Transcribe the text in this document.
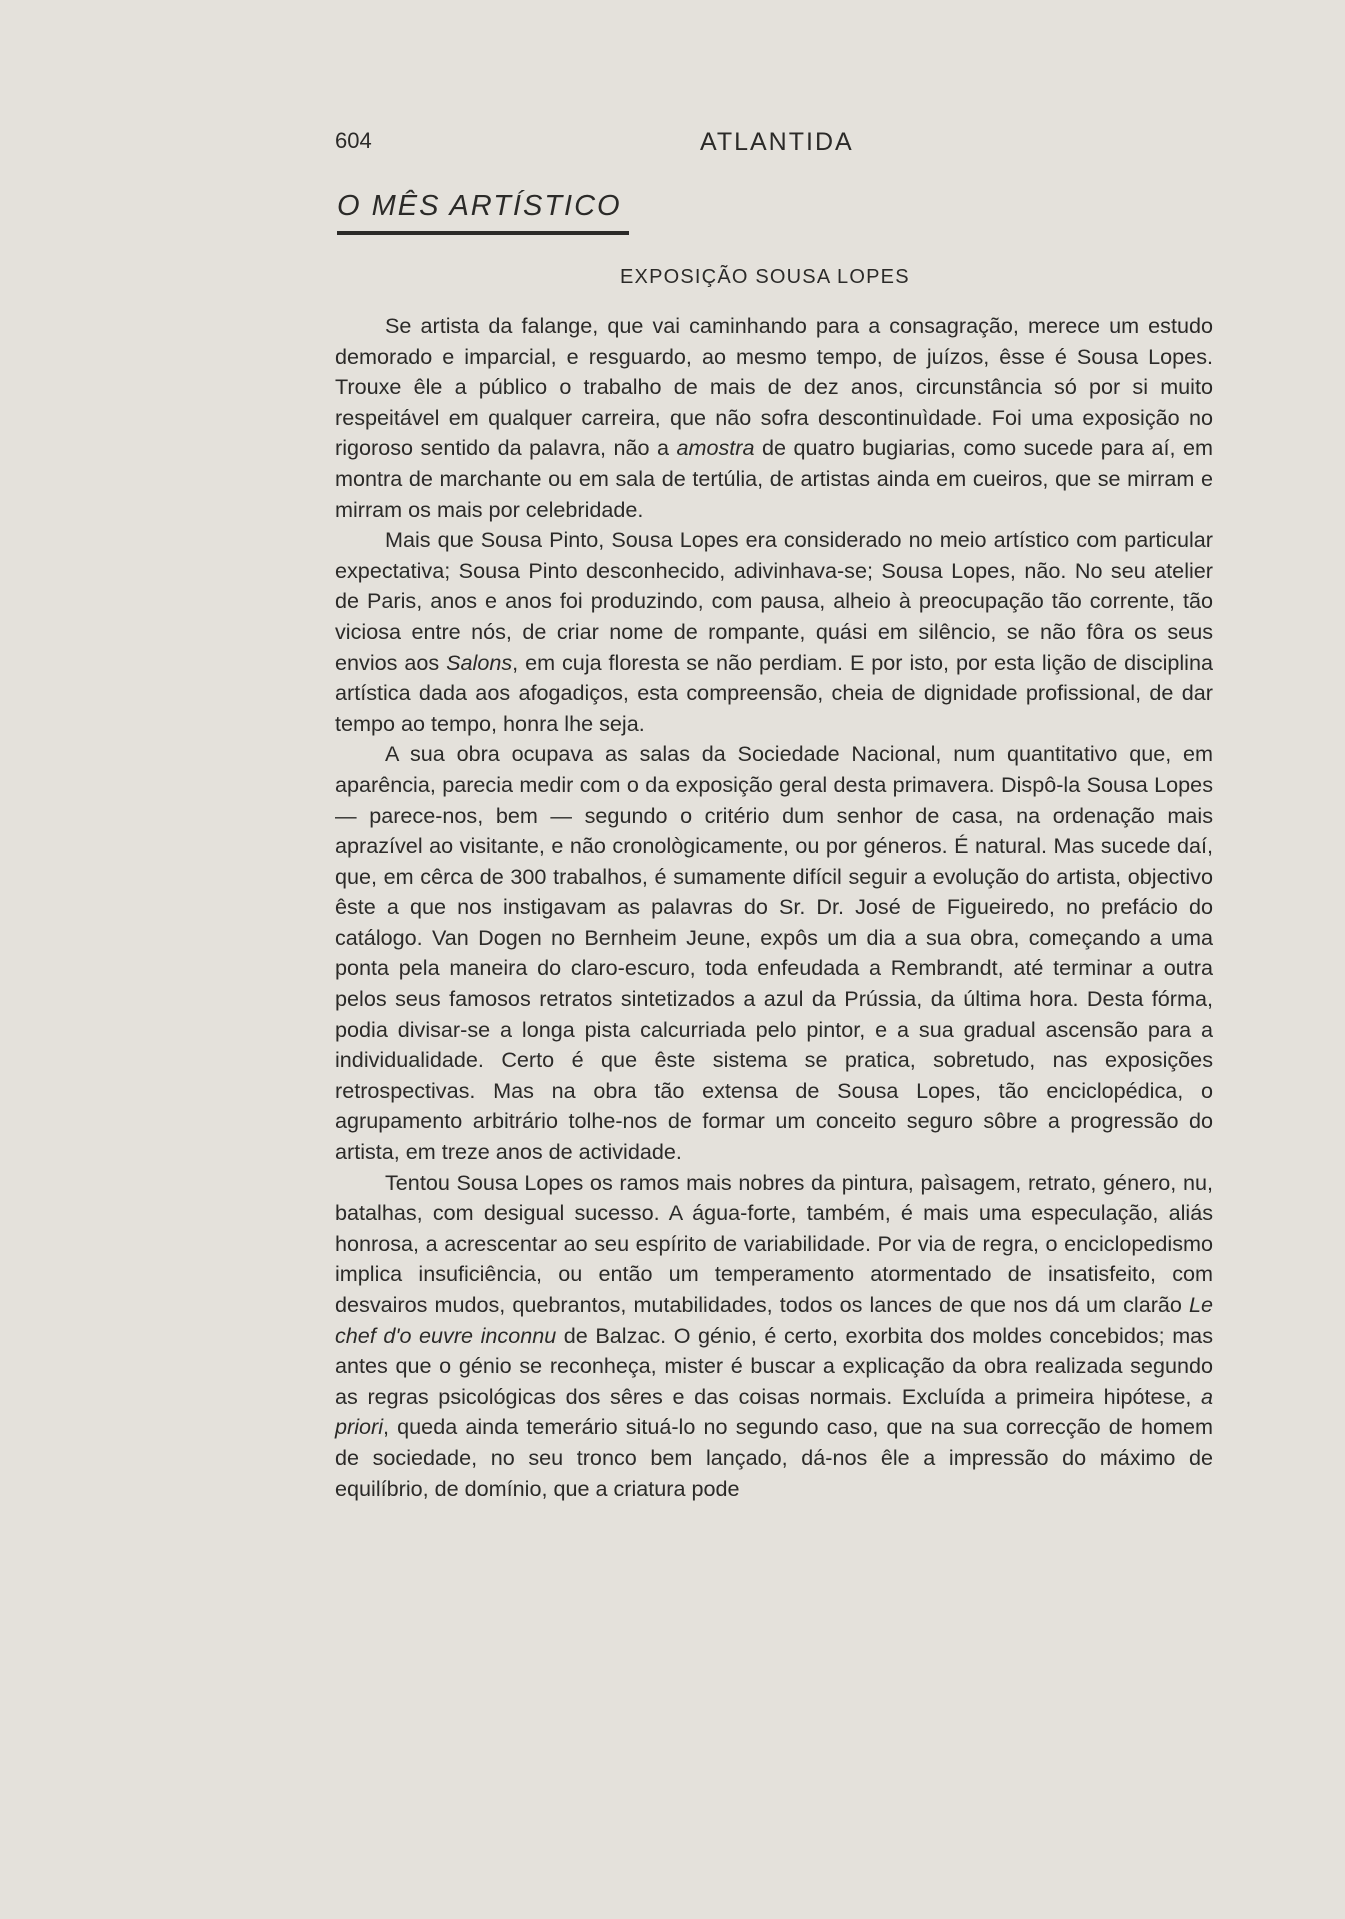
604	ATLANTIDA
O MÊS ARTÍSTICO
EXPOSIÇÃO SOUSA LOPES

Se artista da falange, que vai caminhando para a consagração, merece um estudo demorado e imparcial, e resguardo, ao mesmo tempo, de juízos, êsse é Sousa Lopes. Trouxe êle a público o trabalho de mais de dez anos, circunstância só por si muito respeitável em qualquer carreira, que não sofra descontinuìdade. Foi uma exposição no rigoroso sentido da palavra, não a amostra de quatro bugiarias, como sucede para aí, em montra de marchante ou em sala de tertúlia, de artistas ainda em cueiros, que se mirram e mirram os mais por celebridade.

Mais que Sousa Pinto, Sousa Lopes era considerado no meio artístico com particular expectativa; Sousa Pinto desconhecido, adivinhava-se; Sousa Lopes, não. No seu atelier de Paris, anos e anos foi produzindo, com pausa, alheio à preocupação tão corrente, tão viciosa entre nós, de criar nome de rompante, quási em silêncio, se não fôra os seus envios aos Salons, em cuja floresta se não perdiam. E por isto, por esta lição de disciplina artística dada aos afogadiços, esta compreensão, cheia de dignidade profissional, de dar tempo ao tempo, honra lhe seja.

A sua obra ocupava as salas da Sociedade Nacional, num quantitativo que, em aparência, parecia medir com o da exposição geral desta primavera. Dispô-la Sousa Lopes — parece-nos, bem — segundo o critério dum senhor de casa, na ordenação mais aprazível ao visitante, e não cronològicamente, ou por géneros. É natural. Mas sucede daí, que, em cêrca de 300 trabalhos, é sumamente difícil seguir a evolução do artista, objectivo êste a que nos instigavam as palavras do Sr. Dr. José de Figueiredo, no prefácio do catálogo. Van Dogen no Bernheim Jeune, expôs um dia a sua obra, começando a uma ponta pela maneira do claro-escuro, toda enfeudada a Rembrandt, até terminar a outra pelos seus famosos retratos sintetizados a azul da Prússia, da última hora. Desta fórma, podia divisar-se a longa pista calcurriada pelo pintor, e a sua gradual ascensão para a individualidade. Certo é que êste sistema se pratica, sobretudo, nas exposições retrospectivas. Mas na obra tão extensa de Sousa Lopes, tão enciclopédica, o agrupamento arbitrário tolhe-nos de formar um conceito seguro sôbre a progressão do artista, em treze anos de actividade.

Tentou Sousa Lopes os ramos mais nobres da pintura, paìsagem, retrato, género, nu, batalhas, com desigual sucesso. A água-forte, também, é mais uma especulação, aliás honrosa, a acrescentar ao seu espírito de variabilidade. Por via de regra, o enciclopedismo implica insuficiência, ou então um temperamento atormentado de insatisfeito, com desvairos mudos, quebrantos, mutabilidades, todos os lances de que nos dá um clarão Le chef d'o euvre inconnu de Balzac. O génio, é certo, exorbita dos moldes concebidos; mas antes que o génio se reconheça, mister é buscar a explicação da obra realizada segundo as regras psicológicas dos sêres e das coisas normais. Excluída a primeira hipótese, a priori, queda ainda temerário situá-lo no segundo caso, que na sua correcção de homem de sociedade, no seu tronco bem lançado, dá-nos êle a impressão do máximo de equilíbrio, de domínio, que a criatura pode
